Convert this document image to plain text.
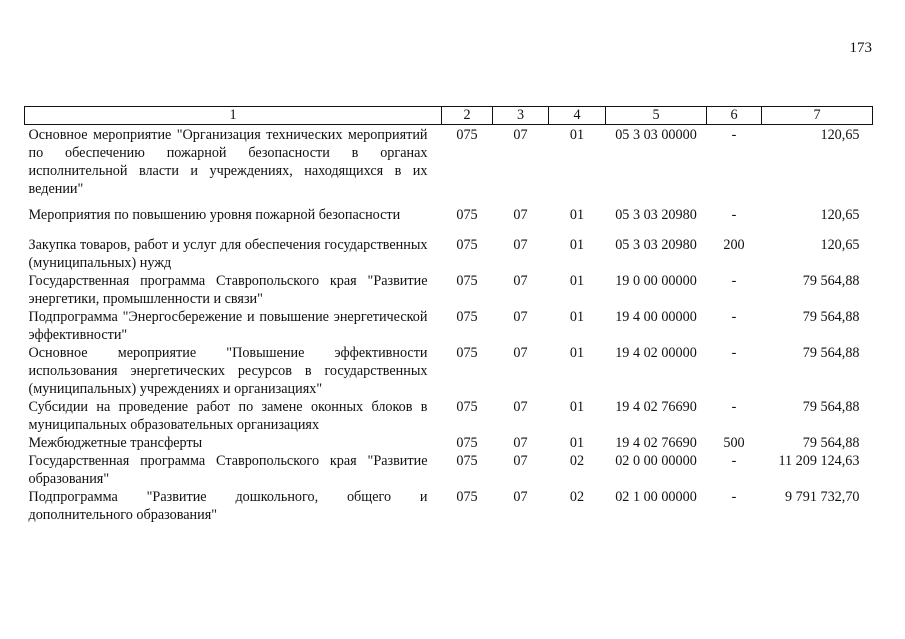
173
1	2	3	4	5	6	7
Основное мероприятие "Организация технических мероприятий по обеспечению пожарной безопасности в органах исполнительной власти и учреждениях, находящихся в их ведении"	075	07	01	05 3 03 00000	-	120,65
Мероприятия по повышению уровня пожарной безопасности	075	07	01	05 3 03 20980	-	120,65
Закупка товаров, работ и услуг для обеспечения государственных (муниципальных) нужд	075	07	01	05 3 03 20980	200	120,65
Государственная программа Ставропольского края "Развитие энергетики, промышленности и связи"	075	07	01	19 0 00 00000	-	79 564,88
Подпрограмма "Энергосбережение и повышение энергетической эффективности"	075	07	01	19 4 00 00000	-	79 564,88
Основное мероприятие "Повышение эффективности использования энергетических ресурсов в государственных (муниципальных) учреждениях и организациях"	075	07	01	19 4 02 00000	-	79 564,88
Субсидии на проведение работ по замене оконных блоков в муниципальных образовательных организациях	075	07	01	19 4 02 76690	-	79 564,88
Межбюджетные трансферты	075	07	01	19 4 02 76690	500	79 564,88
Государственная программа Ставропольского края "Развитие образования"	075	07	02	02 0 00 00000	-	11 209 124,63
Подпрограмма "Развитие дошкольного, общего и дополнительного образования"	075	07	02	02 1 00 00000	-	9 791 732,70
